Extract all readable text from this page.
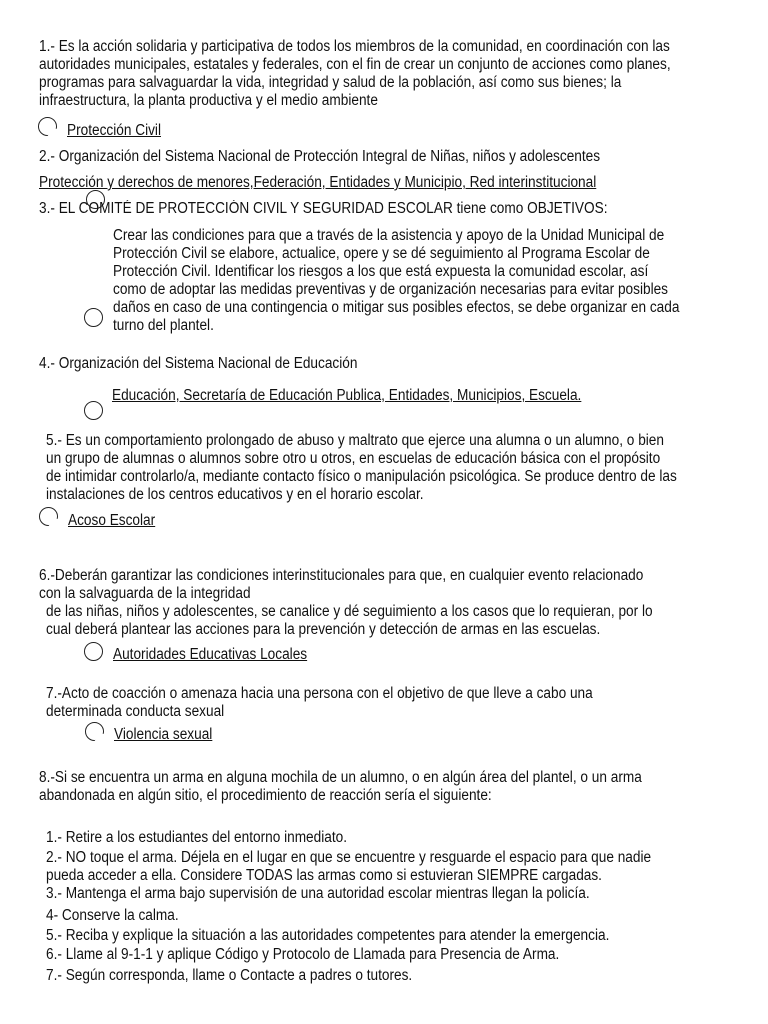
1.- Es la acción solidaria y participativa de todos los miembros de la comunidad, en coordinación con las

autoridades municipales, estatales y federales, con el fin de crear un conjunto de acciones como planes,

programas para salvaguardar la vida, integridad y salud de la población, así como sus bienes; la

infraestructura, la planta productiva y el medio ambiente

Protección Civil

2.- Organización del Sistema Nacional de Protección Integral de Niñas, niños y adolescentes

Protección y derechos de menores,Federación, Entidades y Municipio, Red interinstitucional

3.- EL COMITÉ DE PROTECCIÓN CIVIL Y SEGURIDAD ESCOLAR tiene como OBJETIVOS:

Crear las condiciones para que a través de la asistencia y apoyo de la Unidad Municipal de

Protección Civil se elabore, actualice, opere y se dé seguimiento al Programa Escolar de

Protección Civil. Identificar los riesgos a los que está expuesta la comunidad escolar, así

como de adoptar las medidas preventivas y de organización necesarias para evitar posibles

daños en caso de una contingencia o mitigar sus posibles efectos, se debe organizar en cada

turno del plantel.

4.- Organización del Sistema Nacional de Educación

Educación, Secretaría de Educación Publica, Entidades, Municipios, Escuela.

5.- Es un comportamiento prolongado de abuso y maltrato que ejerce una alumna o un alumno, o bien

un grupo de alumnas o alumnos sobre otro u otros, en escuelas de educación básica con el propósito

de intimidar controlarlo/a, mediante contacto físico o manipulación psicológica. Se produce dentro de las

instalaciones de los centros educativos y en el horario escolar.

Acoso Escolar

6.-Deberán garantizar las condiciones interinstitucionales para que, en cualquier evento relacionado

con la salvaguarda de la integridad

de las niñas, niños y adolescentes, se canalice y dé seguimiento a los casos que lo requieran, por lo

cual deberá plantear las acciones para la prevención y detección de armas en las escuelas.

Autoridades Educativas Locales

7.-Acto de coacción o amenaza hacia una persona con el objetivo de que lleve a cabo una

determinada conducta sexual

Violencia sexual

8.-Si se encuentra un arma en alguna mochila de un alumno, o en algún área del plantel, o un arma

abandonada en algún sitio, el procedimiento de reacción sería el siguiente:

1.- Retire a los estudiantes del entorno inmediato.

2.- NO toque el arma. Déjela en el lugar en que se encuentre y resguarde el espacio para que nadie

pueda acceder a ella. Considere TODAS las armas como si estuvieran SIEMPRE cargadas.

3.- Mantenga el arma bajo supervisión de una autoridad escolar mientras llegan la policía.

4- Conserve la calma.

5.- Reciba y explique la situación a las autoridades competentes para atender la emergencia.

6.- Llame al 9-1-1 y aplique Código y Protocolo de Llamada para Presencia de Arma.

7.- Según corresponda, llame o Contacte a padres o tutores.
